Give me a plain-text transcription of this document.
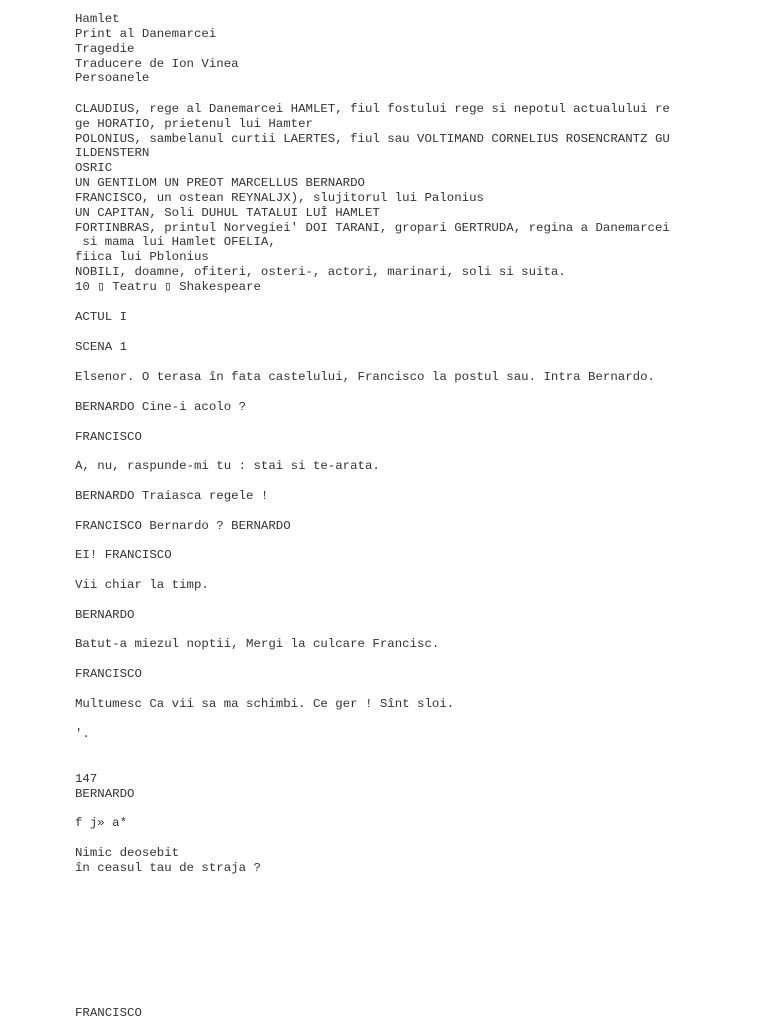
Hamlet

Print al Danemarcei

Tragedie

Traducere de Ion Vinea

Persoanele

CLAUDIUS, rege al Danemarcei HAMLET, fiul fostului rege si nepotul actualului re

ge HORATIO, prietenul lui Hamter

POLONIUS, sambelanul curtii LAERTES, fiul sau VOLTIMAND CORNELIUS ROSENCRANTZ GU

ILDENSTERN

OSRIC

UN GENTILOM UN PREOT MARCELLUS BERNARDO

FRANCISCO, un ostean REYNALJX), slujitorul lui Palonius

UN CAPITAN, Soli DUHUL TATALUI LUÎ HAMLET

FORTINBRAS, printul Norvegiei' DOI TARANI, gropari GERTRUDA, regina a Danemarcei

si mama lui Hamlet OFELIA,

fiica lui Pblonius

NOBILI, doamne, ofiteri, osteri-, actori, marinari, soli si suita.

10 ▯ Teatru ▯ Shakespeare

ACTUL I

SCENA 1

Elsenor. O terasa în fata castelului, Francisco la postul sau. Intra Bernardo.

BERNARDO Cine-i acolo ?

FRANCISCO

A, nu, raspunde-mi tu : stai si te-arata.

BERNARDO Traiasca regele !

FRANCISCO Bernardo ? BERNARDO

EI! FRANCISCO

Vii chiar la timp.

BERNARDO

Batut-a miezul noptii, Mergi la culcare Francisc.

FRANCISCO

Multumesc Ca vii sa ma schimbi. Ce ger ! Sînt sloi.

'.

147

BERNARDO

f j» a*

Nimic deosebit

în ceasul tau de straja ?

FRANCISCO
